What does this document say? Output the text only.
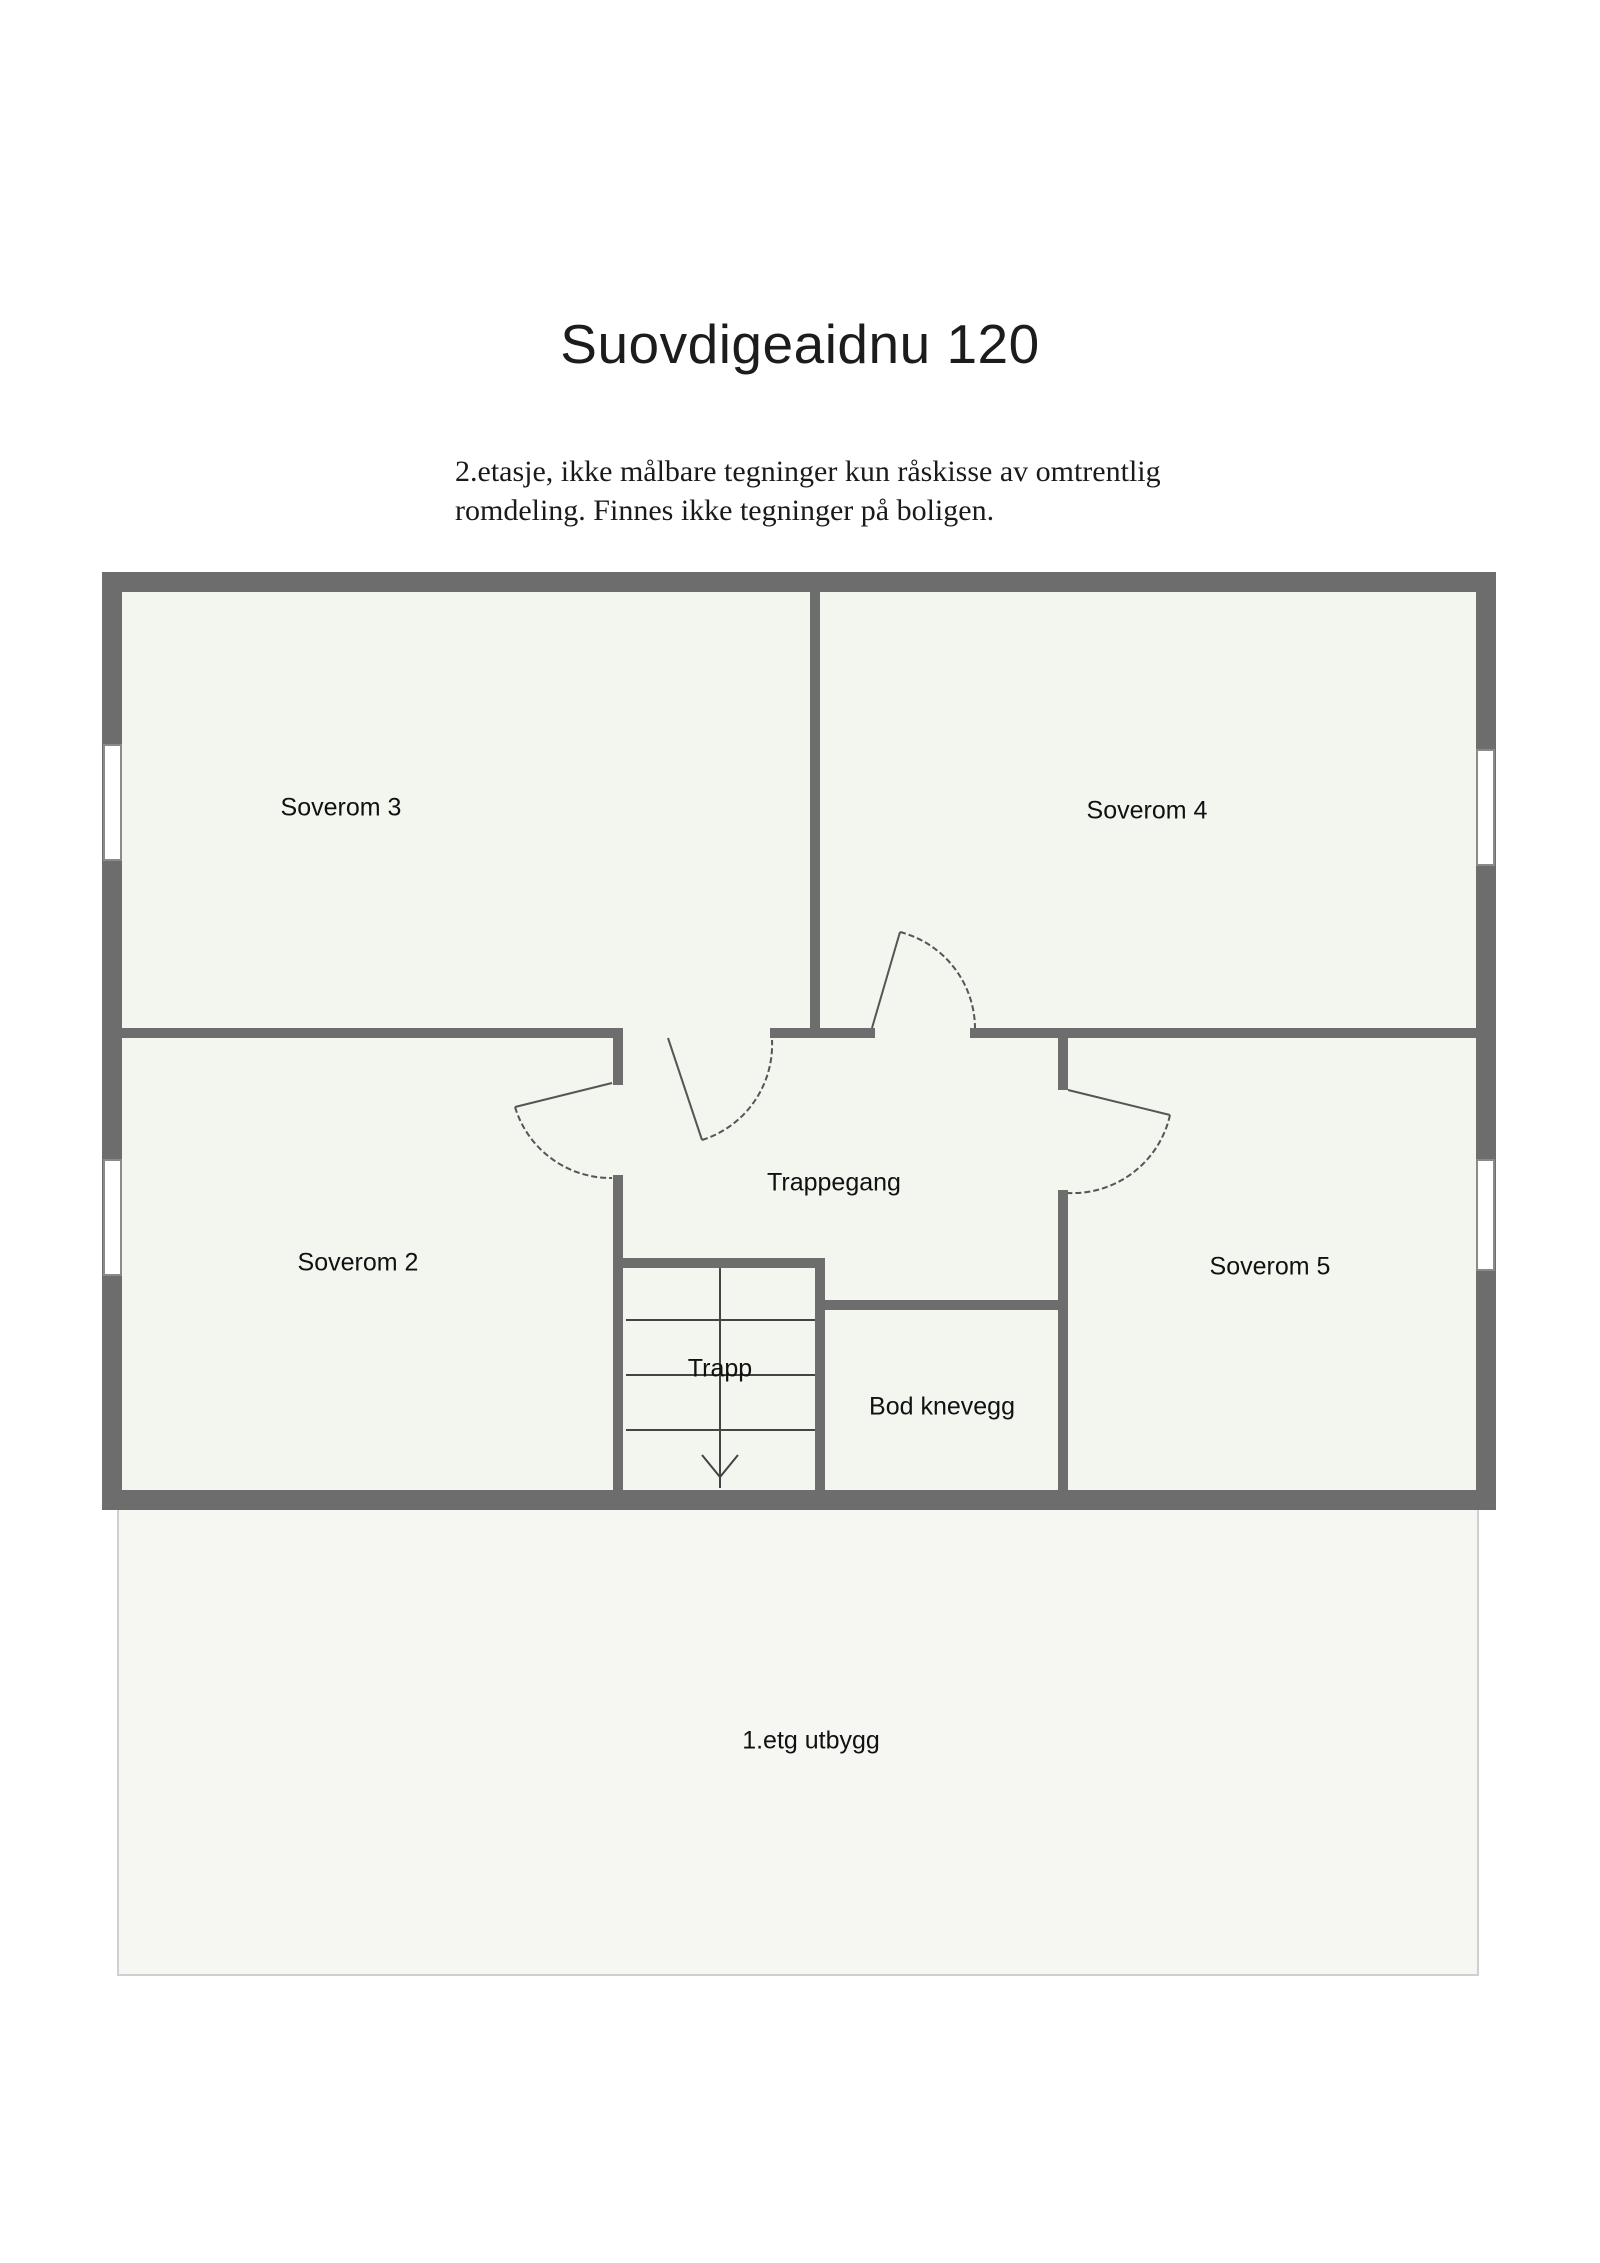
Suovdigeaidnu 120
2.etasje, ikke målbare tegninger kun råskisse av omtrentlig
romdeling. Finnes ikke tegninger på boligen.
Soverom 3	Soverom 4
Trappegang
Soverom 2	Soverom 5
Trapp
Bod knevegg
1.etg utbygg
